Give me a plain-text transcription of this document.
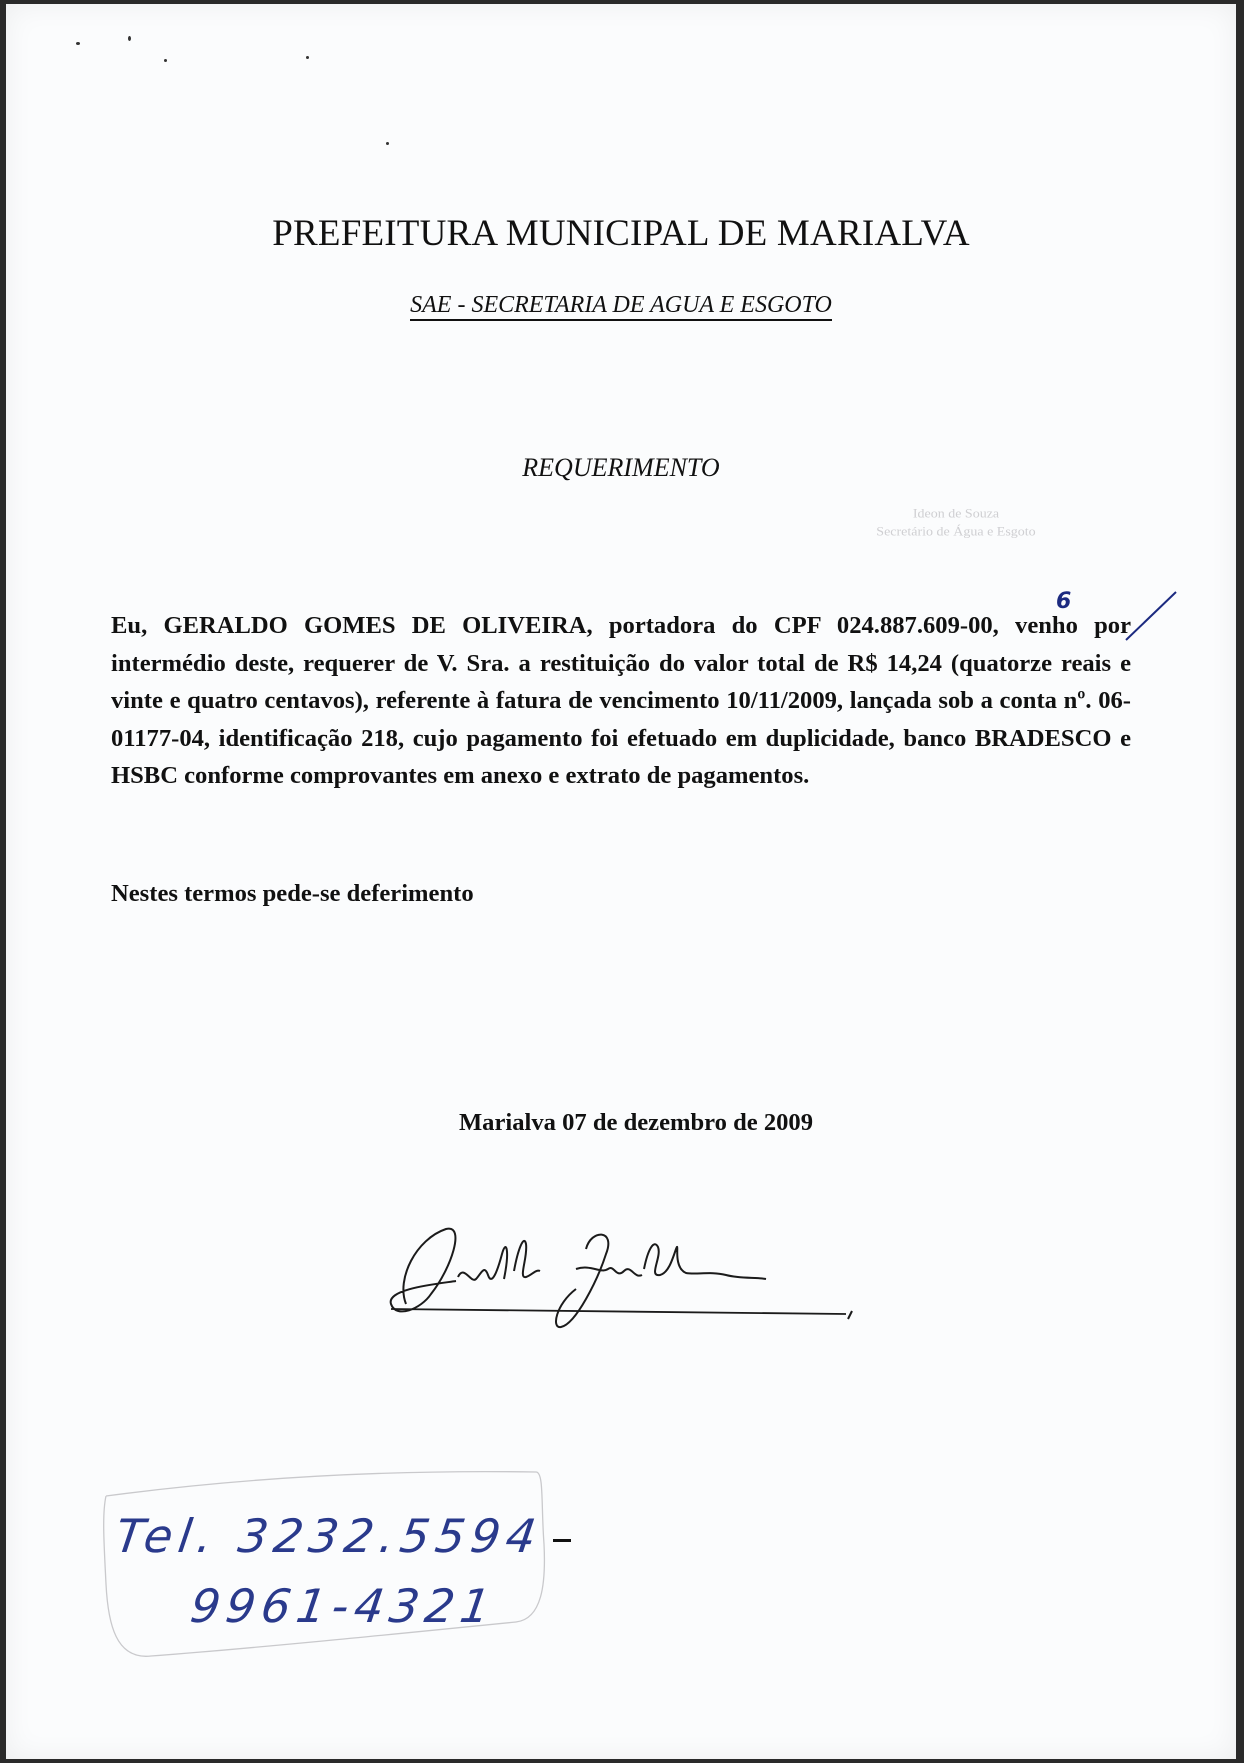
PREFEITURA MUNICIPAL DE MARIALVA
SAE - SECRETARIA DE AGUA E ESGOTO
REQUERIMENTO
Ideon de Souza
Secretário de Água e Esgoto
6

Eu, GERALDO GOMES DE OLIVEIRA, portadora do CPF 024.887.609-00, venho por intermédio deste, requerer de V. Sra. a restituição do valor total de R$ 14,24 (quatorze reais e vinte e quatro centavos), referente à fatura de vencimento 10/11/2009, lançada sob a conta nº. 06-01177-04, identificação 218, cujo pagamento foi efetuado em duplicidade, banco BRADESCO e HSBC conforme comprovantes em anexo e extrato de pagamentos.

Nestes termos pede-se deferimento
Marialva 07 de dezembro de 2009
Tel. 3232.5594
9961-4321
